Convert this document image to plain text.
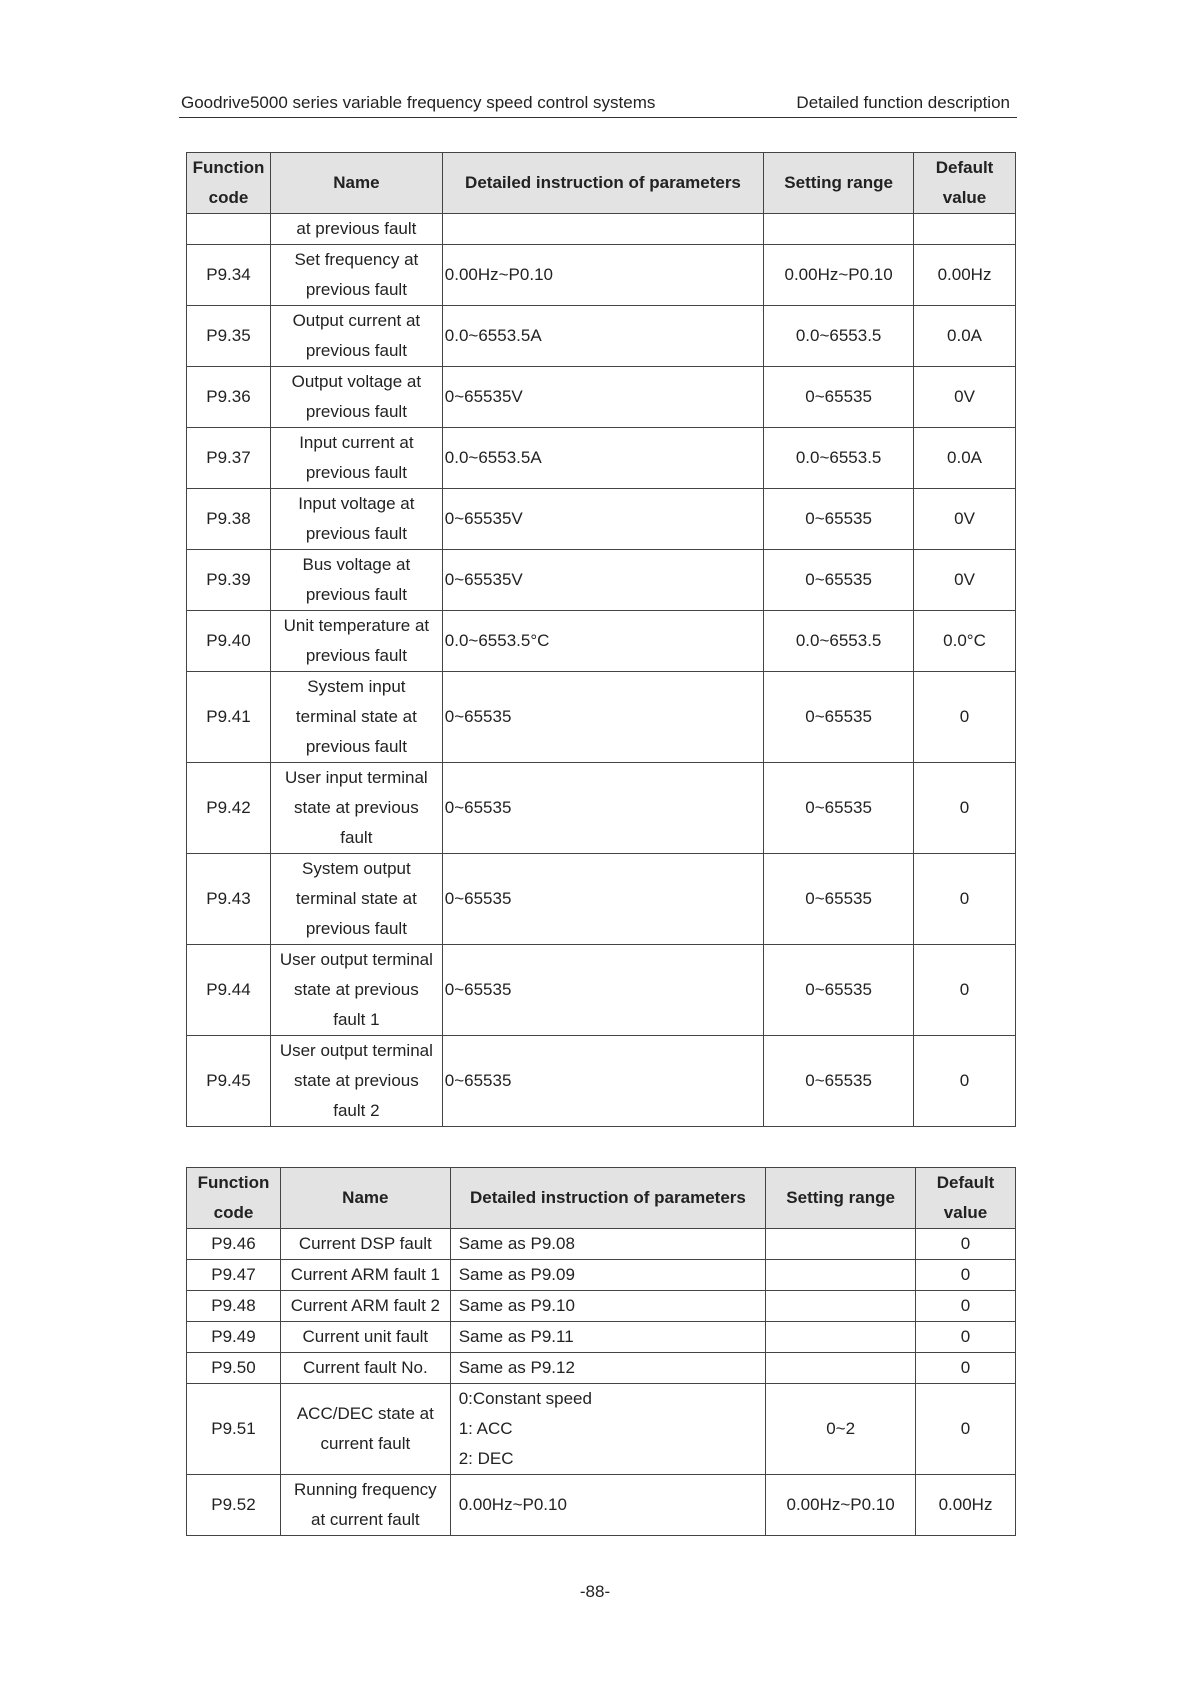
Goodrive5000 series variable frequency speed control systems	Detailed function description
Function
code	Name	Detailed instruction of parameters	Setting range	Default
value
	at previous fault			
P9.34	Set frequency at
previous fault	0.00Hz~P0.10	0.00Hz~P0.10	0.00Hz
P9.35	Output current at
previous fault	0.0~6553.5A	0.0~6553.5	0.0A
P9.36	Output voltage at
previous fault	0~65535V	0~65535	0V
P9.37	Input current at
previous fault	0.0~6553.5A	0.0~6553.5	0.0A
P9.38	Input voltage at
previous fault	0~65535V	0~65535	0V
P9.39	Bus voltage at
previous fault	0~65535V	0~65535	0V
P9.40	Unit temperature at
previous fault	0.0~6553.5°C	0.0~6553.5	0.0°C
P9.41	System input
terminal state at
previous fault	0~65535	0~65535	0
P9.42	User input terminal
state at previous
fault	0~65535	0~65535	0
P9.43	System output
terminal state at
previous fault	0~65535	0~65535	0
P9.44	User output terminal
state at previous
fault 1	0~65535	0~65535	0
P9.45	User output terminal
state at previous
fault 2	0~65535	0~65535	0
Function
code	Name	Detailed instruction of parameters	Setting range	Default
value
P9.46	Current DSP fault	Same as P9.08		0
P9.47	Current ARM fault 1	Same as P9.09		0
P9.48	Current ARM fault 2	Same as P9.10		0
P9.49	Current unit fault	Same as P9.11		0
P9.50	Current fault No.	Same as P9.12		0
P9.51	ACC/DEC state at
current fault	0:Constant speed
1: ACC
2: DEC	0~2	0
P9.52	Running frequency
at current fault	0.00Hz~P0.10	0.00Hz~P0.10	0.00Hz
-88-
